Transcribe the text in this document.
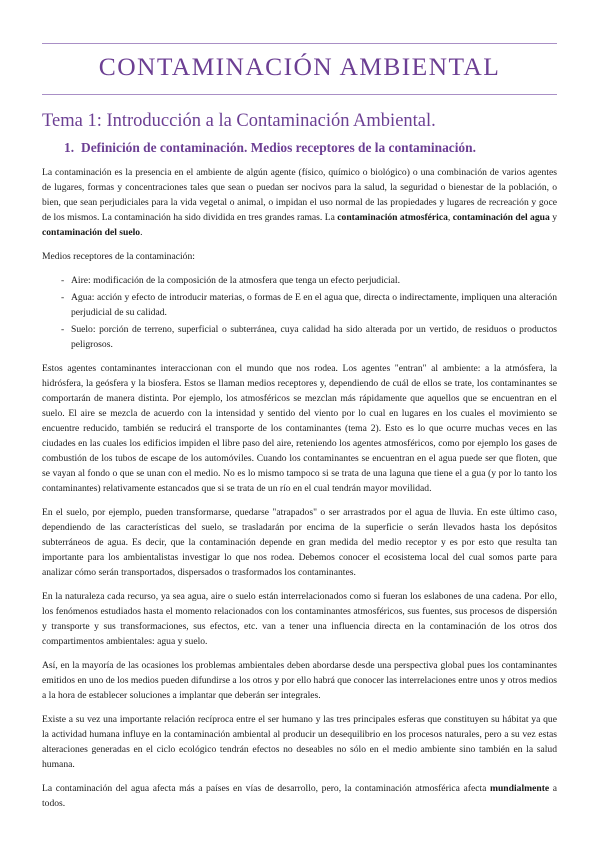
CONTAMINACIÓN AMBIENTAL
Tema 1: Introducción a la Contaminación Ambiental.
1. Definición de contaminación. Medios receptores de la contaminación.

La contaminación es la presencia en el ambiente de algún agente (físico, químico o biológico) o una combinación de varios agentes de lugares, formas y concentraciones tales que sean o puedan ser nocivos para la salud, la seguridad o bienestar de la población, o bien, que sean perjudiciales para la vida vegetal o animal, o impidan el uso normal de las propiedades y lugares de recreación y goce de los mismos. La contaminación ha sido dividida en tres grandes ramas. La contaminación atmosférica, contaminación del agua y contaminación del suelo.

Medios receptores de la contaminación:

- Aire: modificación de la composición de la atmosfera que tenga un efecto perjudicial.
- Agua: acción y efecto de introducir materias, o formas de E en el agua que, directa o indirectamente, impliquen una alteración perjudicial de su calidad.
- Suelo: porción de terreno, superficial o subterránea, cuya calidad ha sido alterada por un vertido, de residuos o productos peligrosos.

Estos agentes contaminantes interaccionan con el mundo que nos rodea. Los agentes "entran" al ambiente: a la atmósfera, la hidrósfera, la geósfera y la biosfera. Estos se llaman medios receptores y, dependiendo de cuál de ellos se trate, los contaminantes se comportarán de manera distinta. Por ejemplo, los atmosféricos se mezclan más rápidamente que aquellos que se encuentran en el suelo. El aire se mezcla de acuerdo con la intensidad y sentido del viento por lo cual en lugares en los cuales el movimiento se encuentre reducido, también se reducirá el transporte de los contaminantes (tema 2). Esto es lo que ocurre muchas veces en las ciudades en las cuales los edificios impiden el libre paso del aire, reteniendo los agentes atmosféricos, como por ejemplo los gases de combustión de los tubos de escape de los automóviles. Cuando los contaminantes se encuentran en el agua puede ser que floten, que se vayan al fondo o que se unan con el medio. No es lo mismo tampoco si se trata de una laguna que tiene el a gua (y por lo tanto los contaminantes) relativamente estancados que si se trata de un río en el cual tendrán mayor movilidad.

En el suelo, por ejemplo, pueden transformarse, quedarse "atrapados" o ser arrastrados por el agua de lluvia. En este último caso, dependiendo de las características del suelo, se trasladarán por encima de la superficie o serán llevados hasta los depósitos subterráneos de agua. Es decir, que la contaminación depende en gran medida del medio receptor y es por esto que resulta tan importante para los ambientalistas investigar lo que nos rodea. Debemos conocer el ecosistema local del cual somos parte para analizar cómo serán transportados, dispersados o trasformados los contaminantes.

En la naturaleza cada recurso, ya sea agua, aire o suelo están interrelacionados como si fueran los eslabones de una cadena. Por ello, los fenómenos estudiados hasta el momento relacionados con los contaminantes atmosféricos, sus fuentes, sus procesos de dispersión y transporte y sus transformaciones, sus efectos, etc. van a tener una influencia directa en la contaminación de los otros dos compartimentos ambientales: agua y suelo.

Así, en la mayoría de las ocasiones los problemas ambientales deben abordarse desde una perspectiva global pues los contaminantes emitidos en uno de los medios pueden difundirse a los otros y por ello habrá que conocer las interrelaciones entre unos y otros medios a la hora de establecer soluciones a implantar que deberán ser integrales.

Existe a su vez una importante relación recíproca entre el ser humano y las tres principales esferas que constituyen su hábitat ya que la actividad humana influye en la contaminación ambiental al producir un desequilibrio en los procesos naturales, pero a su vez estas alteraciones generadas en el ciclo ecológico tendrán efectos no deseables no sólo en el medio ambiente sino también en la salud humana.

La contaminación del agua afecta más a países en vías de desarrollo, pero, la contaminación atmosférica afecta mundialmente a todos.
